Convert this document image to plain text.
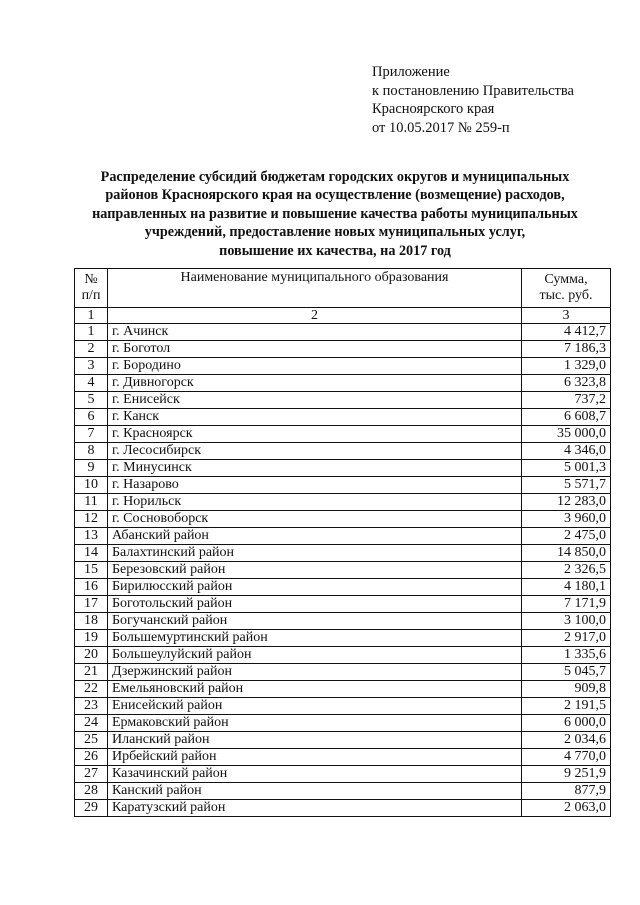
Приложение
к постановлению Правительства
Красноярского края
от 10.05.2017 № 259-п
Распределение субсидий бюджетам городских округов и муниципальных
районов Красноярского края на осуществление (возмещение) расходов,
направленных на развитие и повышение качества работы муниципальных
учреждений, предоставление новых муниципальных услуг,
повышение их качества, на 2017 год
№
п/п	Наименование муниципального образования	Сумма,
тыс. руб.
1	2	3
1	г. Ачинск	4 412,7
2	г. Боготол	7 186,3
3	г. Бородино	1 329,0
4	г. Дивногорск	6 323,8
5	г. Енисейск	737,2
6	г. Канск	6 608,7
7	г. Красноярск	35 000,0
8	г. Лесосибирск	4 346,0
9	г. Минусинск	5 001,3
10	г. Назарово	5 571,7
11	г. Норильск	12 283,0
12	г. Сосновоборск	3 960,0
13	Абанский район	2 475,0
14	Балахтинский район	14 850,0
15	Березовский район	2 326,5
16	Бирилюсский район	4 180,1
17	Боготольский район	7 171,9
18	Богучанский район	3 100,0
19	Большемуртинский район	2 917,0
20	Большеулуйский район	1 335,6
21	Дзержинский район	5 045,7
22	Емельяновский район	909,8
23	Енисейский район	2 191,5
24	Ермаковский район	6 000,0
25	Иланский район	2 034,6
26	Ирбейский район	4 770,0
27	Казачинский район	9 251,9
28	Канский район	877,9
29	Каратузский район	2 063,0
